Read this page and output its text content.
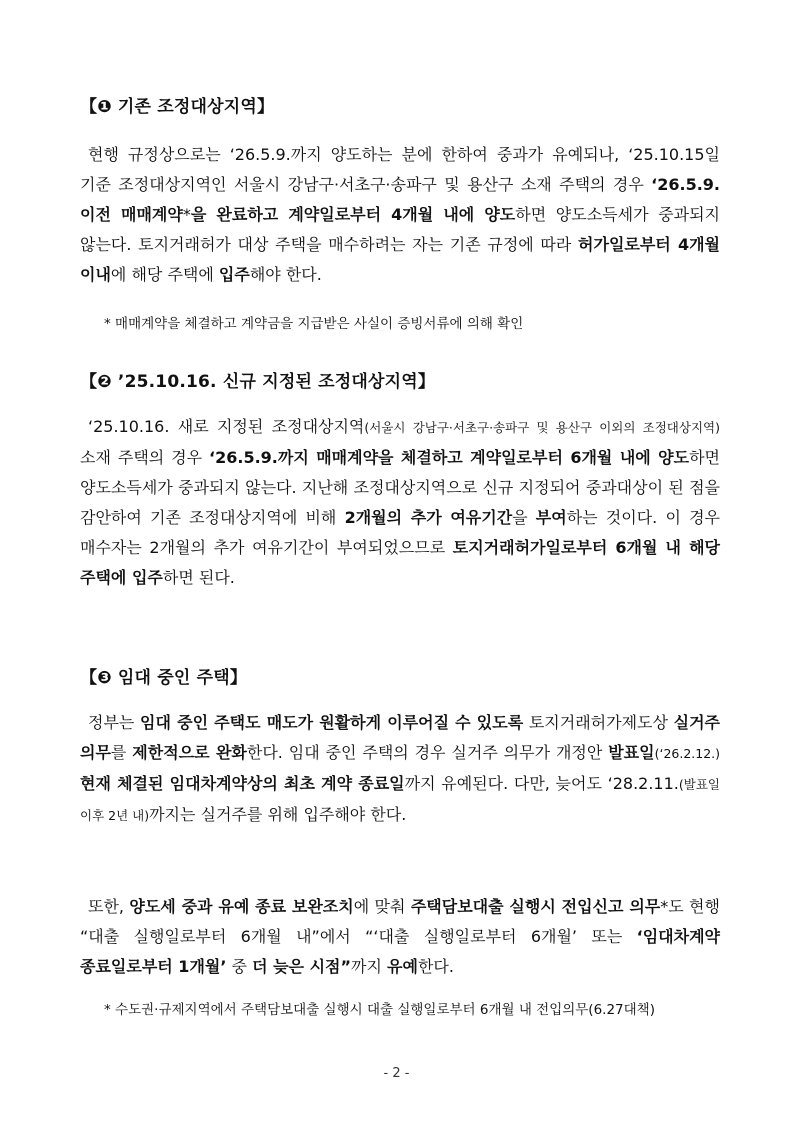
【❶ 기존 조정대상지역】
현행 규정상으로는 ‘26.5.9.까지 양도하는 분에 한하여 중과가 유예되나, ‘25.10.15일 기준 조정대상지역인 서울시 강남구·서초구·송파구 및 용산구 소재 주택의 경우 ‘26.5.9. 이전 매매계약*을 완료하고 계약일로부터 4개월 내에 양도하면 양도소득세가 중과되지 않는다. 토지거래허가 대상 주택을 매수하려는 자는 기존 규정에 따라 허가일로부터 4개월 이내에 해당 주택에 입주해야 한다.
* 매매계약을 체결하고 계약금을 지급받은 사실이 증빙서류에 의해 확인
【❷ ’25.10.16. 신규 지정된 조정대상지역】
‘25.10.16. 새로 지정된 조정대상지역(서울시 강남구·서초구·송파구 및 용산구 이외의 조정대상지역) 소재 주택의 경우 ‘26.5.9.까지 매매계약을 체결하고 계약일로부터 6개월 내에 양도하면 양도소득세가 중과되지 않는다. 지난해 조정대상지역으로 신규 지정되어 중과대상이 된 점을 감안하여 기존 조정대상지역에 비해 2개월의 추가 여유기간을 부여하는 것이다. 이 경우 매수자는 2개월의 추가 여유기간이 부여되었으므로 토지거래허가일로부터 6개월 내 해당 주택에 입주하면 된다.
【❸ 임대 중인 주택】
정부는 임대 중인 주택도 매도가 원활하게 이루어질 수 있도록 토지거래허가제도상 실거주 의무를 제한적으로 완화한다. 임대 중인 주택의 경우 실거주 의무가 개정안 발표일(‘26.2.12.) 현재 체결된 임대차계약상의 최초 계약 종료일까지 유예된다. 다만, 늦어도 ‘28.2.11.(발표일 이후 2년 내)까지는 실거주를 위해 입주해야 한다.
또한, 양도세 중과 유예 종료 보완조치에 맞춰 주택담보대출 실행시 전입신고 의무*도 현행 “대출 실행일로부터 6개월 내”에서 “‘대출 실행일로부터 6개월’ 또는 ‘임대차계약 종료일로부터 1개월’ 중 더 늦은 시점”까지 유예한다.
* 수도권·규제지역에서 주택담보대출 실행시 대출 실행일로부터 6개월 내 전입의무(6.27대책)
- 2 -
